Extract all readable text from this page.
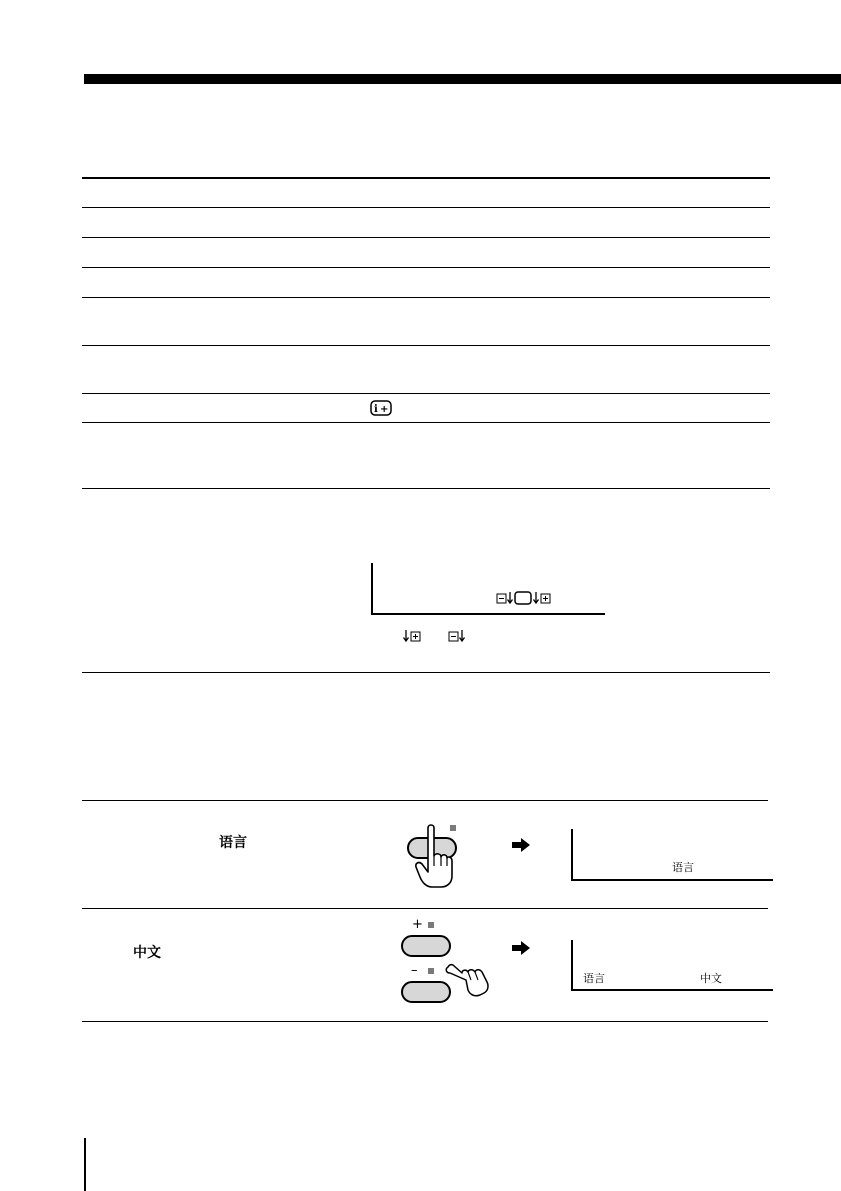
i +
语言
语言
中文
+
–
语言	中文
